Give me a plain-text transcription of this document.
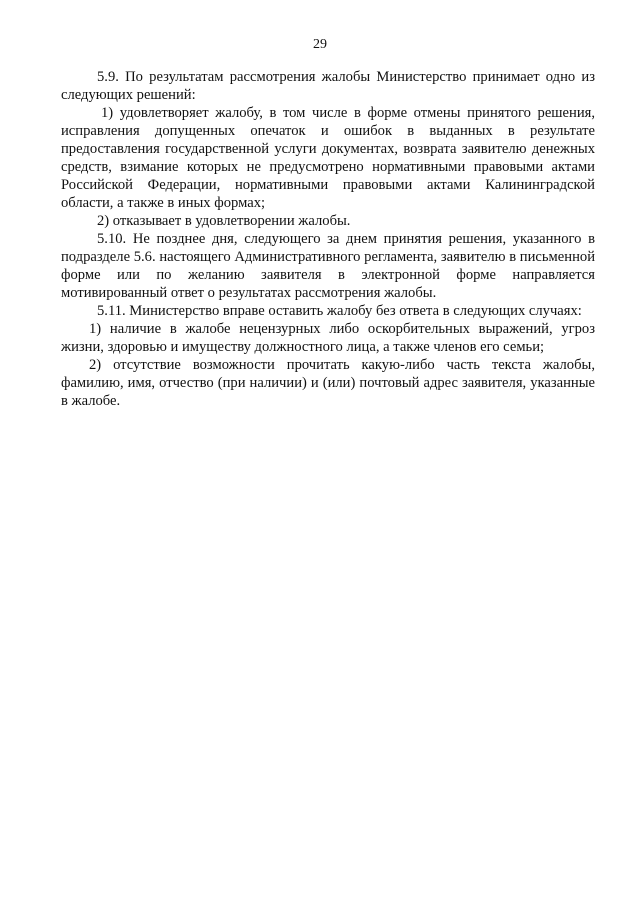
29

5.9. По результатам рассмотрения жалобы Министерство принимает одно из следующих решений:

1) удовлетворяет жалобу, в том числе в форме отмены принятого решения, исправления допущенных опечаток и ошибок в выданных в результате предоставления государственной услуги документах, возврата заявителю денежных средств, взимание которых не предусмотрено нормативными правовыми актами Российской Федерации, нормативными правовыми актами Калининградской области, а также в иных формах;

2) отказывает в удовлетворении жалобы.

5.10. Не позднее дня, следующего за днем принятия решения, указанного в подразделе 5.6. настоящего Административного регламента, заявителю в письменной форме или по желанию заявителя в электронной форме направляется мотивированный ответ о результатах рассмотрения жалобы.

5.11. Министерство вправе оставить жалобу без ответа в следующих случаях:

1) наличие в жалобе нецензурных либо оскорбительных выражений, угроз жизни, здоровью и имуществу должностного лица, а также членов его семьи;

2) отсутствие возможности прочитать какую-либо часть текста жалобы, фамилию, имя, отчество (при наличии) и (или) почтовый адрес заявителя, указанные в жалобе.
